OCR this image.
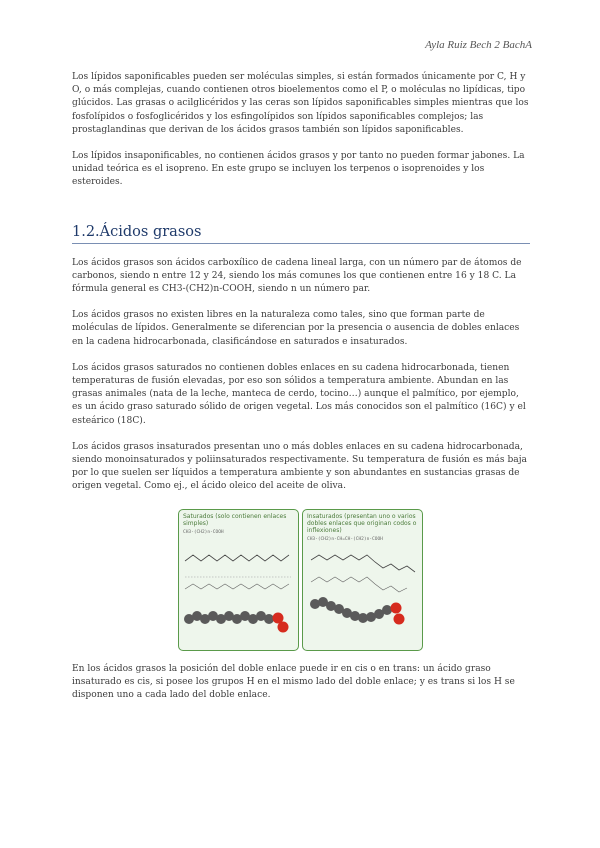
Ayla Ruiz Bech 2 BachA

Los lípidos saponificables pueden ser moléculas simples, si están formados únicamente por C, H y O, o más complejas, cuando contienen otros bioelementos como el P, o moléculas no lipídicas, tipo glúcidos. Las grasas o acilglicéridos y las ceras son lípidos saponificables simples mientras que los fosfolípidos o fosfoglicéridos y los esfingolípidos son lípidos saponificables complejos; las prostaglandinas que derivan de los ácidos grasos también son lípidos saponificables.

Los lípidos insaponificables, no contienen ácidos grasos y por tanto no pueden formar jabones. La unidad teórica es el isopreno. En este grupo se incluyen los terpenos o isoprenoides y los esteroides.

1.2.Ácidos grasos

Los ácidos grasos son ácidos carboxílico de cadena lineal larga, con un número par de átomos de carbonos, siendo n entre 12 y 24, siendo los más comunes los que contienen entre 16 y 18 C. La fórmula general es CH3-(CH2)n-COOH, siendo n un número par.

Los ácidos grasos no existen libres en la naturaleza como tales, sino que forman parte de moléculas de lípidos. Generalmente se diferencian por la presencia o ausencia de dobles enlaces en la cadena hidrocarbonada, clasificándose en saturados e insaturados.

Los ácidos grasos saturados no contienen dobles enlaces en su cadena hidrocarbonada, tienen temperaturas de fusión elevadas, por eso son sólidos a temperatura ambiente. Abundan en las grasas animales (nata de la leche, manteca de cerdo, tocino…) aunque el palmítico, por ejemplo, es un ácido graso saturado sólido de origen vegetal. Los más conocidos son el palmítico (16C) y el esteárico (18C).

Los ácidos grasos insaturados presentan uno o más dobles enlaces en su cadena hidrocarbonada, siendo monoinsaturados y poliinsaturados respectivamente. Su temperatura de fusión es más baja por lo que suelen ser líquidos a temperatura ambiente y son abundantes en sustancias grasas de origen vegetal. Como ej., el ácido oleico del aceite de oliva.

Saturados (solo contienen enlaces simples)
CH3-(CH2)n-COOH
Insaturados (presentan uno o varios dobles enlaces que originan codos o inflexiones)
CH3-(CH2)n-CH=CH-(CH2)n-COOH

En los ácidos grasos la posición del doble enlace puede ir en cis o en trans: un ácido graso insaturado es cis, si posee los grupos H en el mismo lado del doble enlace; y es trans si los H se disponen uno a cada lado del doble enlace.
